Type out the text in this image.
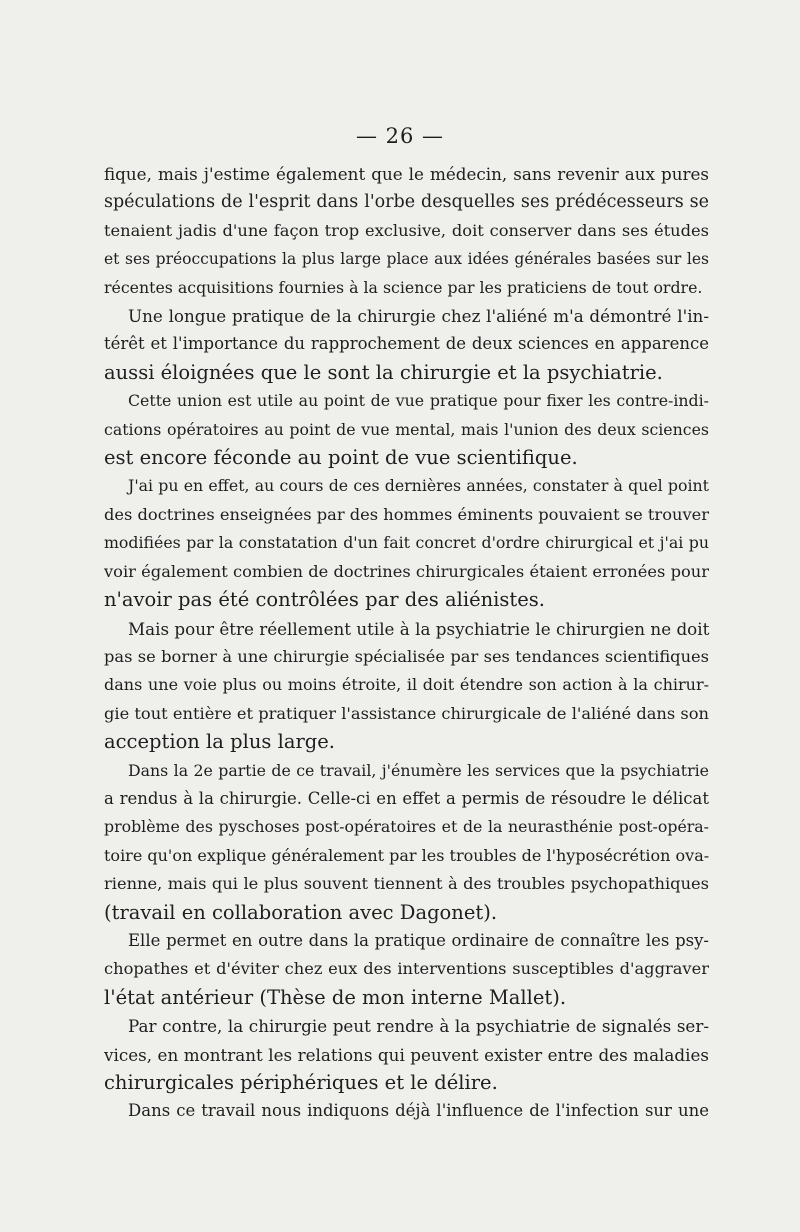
— 26 —
fique, mais j'estime également que le médecin, sans revenir aux pures
spéculations de l'esprit dans l'orbe desquelles ses prédécesseurs se
tenaient jadis d'une façon trop exclusive, doit conserver dans ses études
et ses préoccupations la plus large place aux idées générales basées sur les
récentes acquisitions fournies à la science par les praticiens de tout ordre.
Une longue pratique de la chirurgie chez l'aliéné m'a démontré l'in-
térêt et l'importance du rapprochement de deux sciences en apparence
aussi éloignées que le sont la chirurgie et la psychiatrie.
Cette union est utile au point de vue pratique pour fixer les contre-indi-
cations opératoires au point de vue mental, mais l'union des deux sciences
est encore féconde au point de vue scientifique.
J'ai pu en effet, au cours de ces dernières années, constater à quel point
des doctrines enseignées par des hommes éminents pouvaient se trouver
modifiées par la constatation d'un fait concret d'ordre chirurgical et j'ai pu
voir également combien de doctrines chirurgicales étaient erronées pour
n'avoir pas été contrôlées par des aliénistes.
Mais pour être réellement utile à la psychiatrie le chirurgien ne doit
pas se borner à une chirurgie spécialisée par ses tendances scientifiques
dans une voie plus ou moins étroite, il doit étendre son action à la chirur-
gie tout entière et pratiquer l'assistance chirurgicale de l'aliéné dans son
acception la plus large.
Dans la 2e partie de ce travail, j'énumère les services que la psychiatrie
a rendus à la chirurgie. Celle-ci en effet a permis de résoudre le délicat
problème des pyschoses post-opératoires et de la neurasthénie post-opéra-
toire qu'on explique généralement par les troubles de l'hyposécrétion ova-
rienne, mais qui le plus souvent tiennent à des troubles psychopathiques
(travail en collaboration avec Dagonet).
Elle permet en outre dans la pratique ordinaire de connaître les psy-
chopathes et d'éviter chez eux des interventions susceptibles d'aggraver
l'état antérieur (Thèse de mon interne Mallet).
Par contre, la chirurgie peut rendre à la psychiatrie de signalés ser-
vices, en montrant les relations qui peuvent exister entre des maladies
chirurgicales périphériques et le délire.
Dans ce travail nous indiquons déjà l'influence de l'infection sur une
